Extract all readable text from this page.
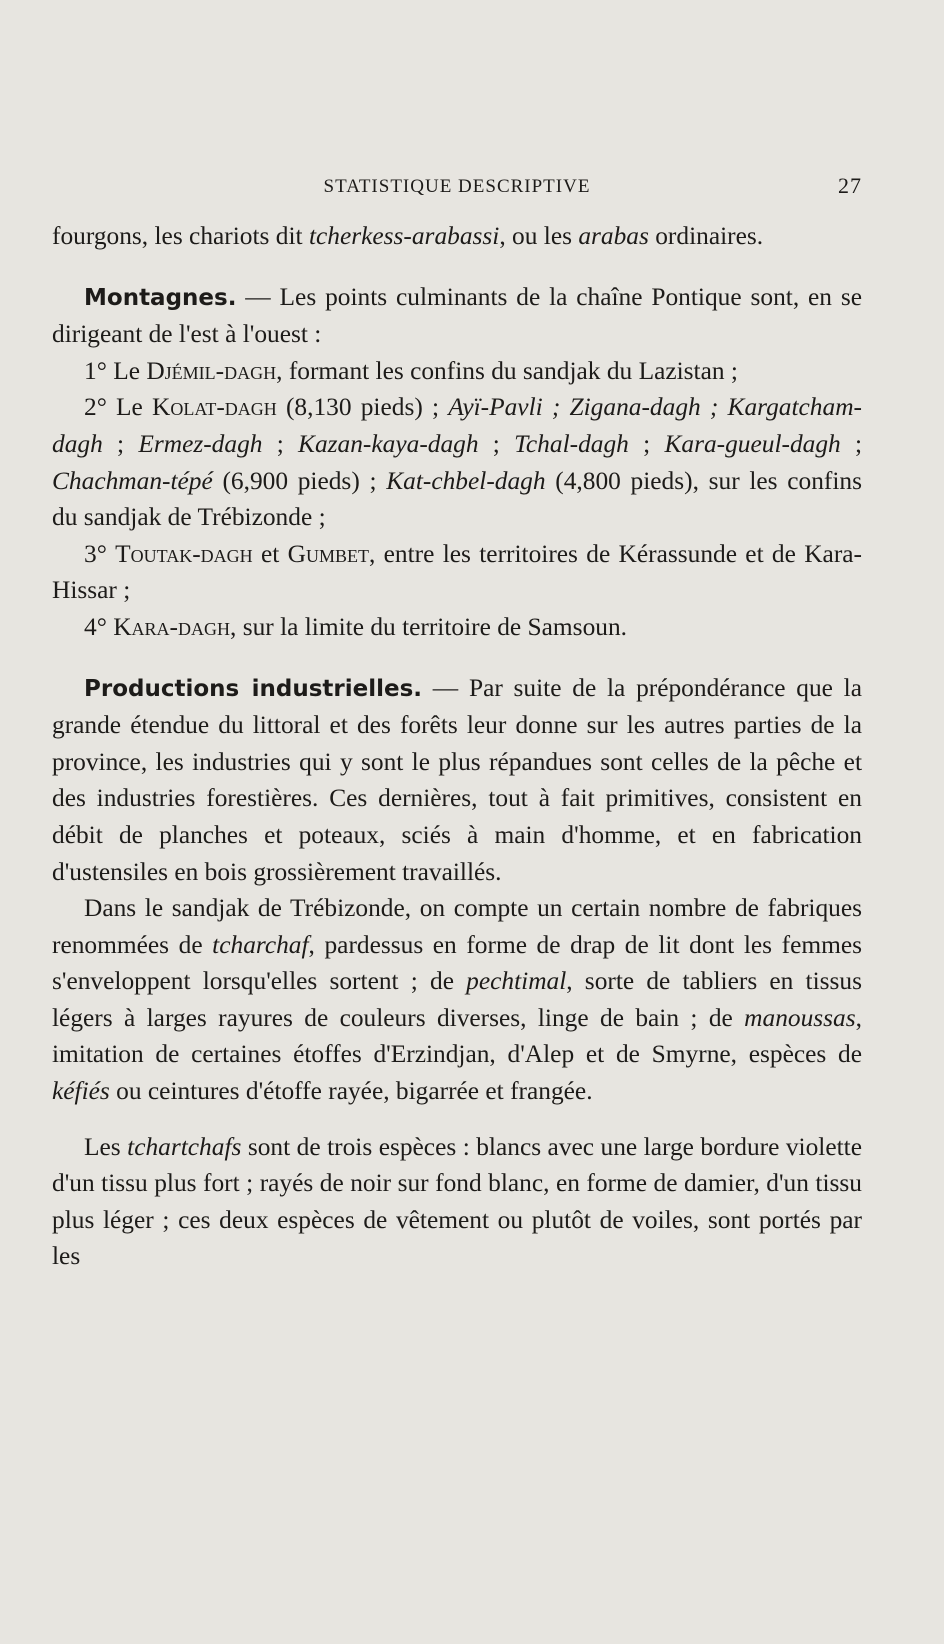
STATISTIQUE DESCRIPTIVE	27

fourgons, les chariots dit tcherkess-arabassi, ou les arabas ordinaires.

Montagnes. — Les points culminants de la chaîne Pontique sont, en se dirigeant de l'est à l'ouest :

1° Le Djémil-dagh, formant les confins du sandjak du Lazistan ;

2° Le Kolat-dagh (8,130 pieds) ; Ayï-Pavli ; Zigana-dagh ; Kargatcham-dagh ; Ermez-dagh ; Kazan-kaya-dagh ; Tchal-dagh ; Kara-gueul-dagh ; Chachman-tépé (6,900 pieds) ; Kat-chbel-dagh (4,800 pieds), sur les confins du sandjak de Trébizonde ;

3° Toutak-dagh et Gumbet, entre les territoires de Kérassunde et de Kara-Hissar ;

4° Kara-dagh, sur la limite du territoire de Samsoun.

Productions industrielles. — Par suite de la prépondérance que la grande étendue du littoral et des forêts leur donne sur les autres parties de la province, les industries qui y sont le plus répandues sont celles de la pêche et des industries forestières. Ces dernières, tout à fait primitives, consistent en débit de planches et poteaux, sciés à main d'homme, et en fabrication d'ustensiles en bois grossièrement travaillés.

Dans le sandjak de Trébizonde, on compte un certain nombre de fabriques renommées de tcharchaf, pardessus en forme de drap de lit dont les femmes s'enveloppent lorsqu'elles sortent ; de pechtimal, sorte de tabliers en tissus légers à larges rayures de couleurs diverses, linge de bain ; de manoussas, imitation de certaines étoffes d'Erzindjan, d'Alep et de Smyrne, espèces de kéfiés ou ceintures d'étoffe rayée, bigarrée et frangée.

Les tchartchafs sont de trois espèces : blancs avec une large bordure violette d'un tissu plus fort ; rayés de noir sur fond blanc, en forme de damier, d'un tissu plus léger ; ces deux espèces de vêtement ou plutôt de voiles, sont portés par les
